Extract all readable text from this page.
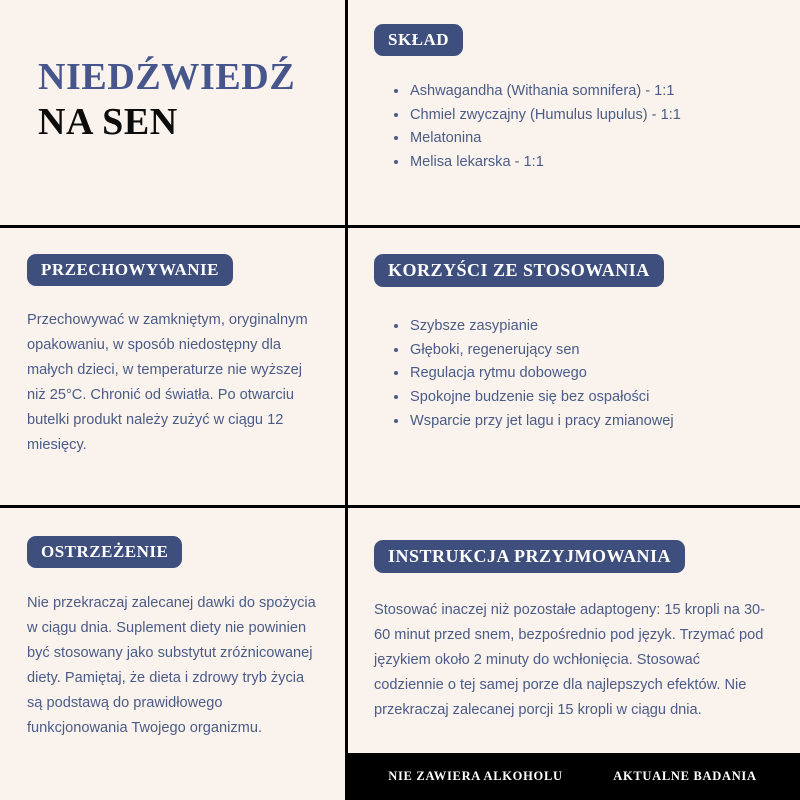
NIEDŹWIEDŹ
NA SEN
SKŁAD
Ashwagandha (Withania somnifera) - 1:1
Chmiel zwyczajny (Humulus lupulus) - 1:1
Melatonina
Melisa lekarska - 1:1
PRZECHOWYWANIE

Przechowywać w zamkniętym, oryginalnym opakowaniu, w sposób niedostępny dla małych dzieci, w temperaturze nie wyższej niż 25°C. Chronić od światła. Po otwarciu butelki produkt należy zużyć w ciągu 12 miesięcy.

KORZYŚCI ZE STOSOWANIA
Szybsze zasypianie
Głęboki, regenerujący sen
Regulacja rytmu dobowego
Spokojne budzenie się bez ospałości
Wsparcie przy jet lagu i pracy zmianowej
OSTRZEŻENIE

Nie przekraczaj zalecanej dawki do spożycia w ciągu dnia. Suplement diety nie powinien być stosowany jako substytut zróżnicowanej diety. Pamiętaj, że dieta i zdrowy tryb życia są podstawą do prawidłowego funkcjonowania Twojego organizmu.

INSTRUKCJA PRZYJMOWANIA

Stosować inaczej niż pozostałe adaptogeny: 15 kropli na 30-60 minut przed snem, bezpośrednio pod język. Trzymać pod językiem około 2 minuty do wchłonięcia. Stosować codziennie o tej samej porze dla najlepszych efektów. Nie przekraczaj zalecanej porcji 15 kropli w ciągu dnia.

NIE ZAWIERA ALKOHOLU	AKTUALNE BADANIA
